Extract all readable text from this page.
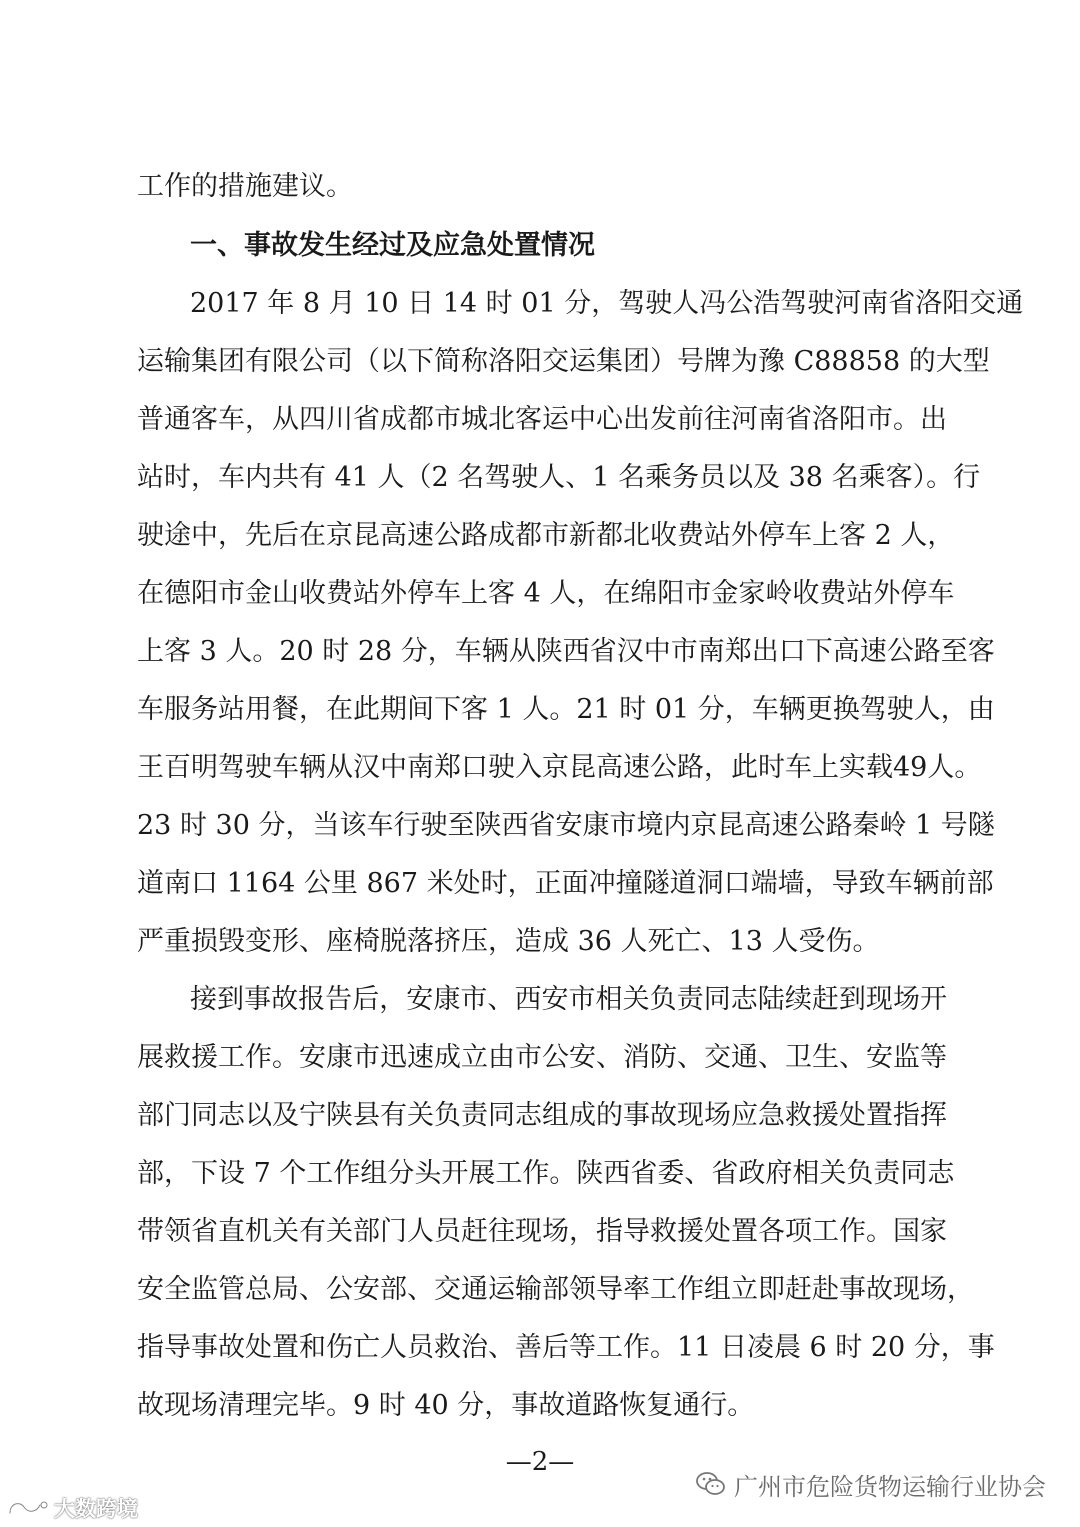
工作的措施建议。
一、事故发生经过及应急处置情况
2017 年 8 月 10 日 14 时 01 分，驾驶人冯公浩驾驶河南省洛阳交通
运输集团有限公司（以下简称洛阳交运集团）号牌为豫 C88858 的大型
普通客车，从四川省成都市城北客运中心出发前往河南省洛阳市。出
站时，车内共有 41 人（2 名驾驶人、1 名乘务员以及 38 名乘客）。行
驶途中，先后在京昆高速公路成都市新都北收费站外停车上客 2 人，
在德阳市金山收费站外停车上客 4 人，在绵阳市金家岭收费站外停车
上客 3 人。20 时 28 分，车辆从陕西省汉中市南郑出口下高速公路至客
车服务站用餐，在此期间下客 1 人。21 时 01 分，车辆更换驾驶人，由
王百明驾驶车辆从汉中南郑口驶入京昆高速公路，此时车上实载49人。
23 时 30 分，当该车行驶至陕西省安康市境内京昆高速公路秦岭 1 号隧
道南口 1164 公里 867 米处时，正面冲撞隧道洞口端墙，导致车辆前部
严重损毁变形、座椅脱落挤压，造成 36 人死亡、13 人受伤。
接到事故报告后，安康市、西安市相关负责同志陆续赶到现场开
展救援工作。安康市迅速成立由市公安、消防、交通、卫生、安监等
部门同志以及宁陕县有关负责同志组成的事故现场应急救援处置指挥
部，下设 7 个工作组分头开展工作。陕西省委、省政府相关负责同志
带领省直机关有关部门人员赶往现场，指导救援处置各项工作。国家
安全监管总局、公安部、交通运输部领导率工作组立即赶赴事故现场，
指导事故处置和伤亡人员救治、善后等工作。11 日凌晨 6 时 20 分，事
故现场清理完毕。9 时 40 分，事故道路恢复通行。
—2—
广州市危险货物运输行业协会
大数跨境
